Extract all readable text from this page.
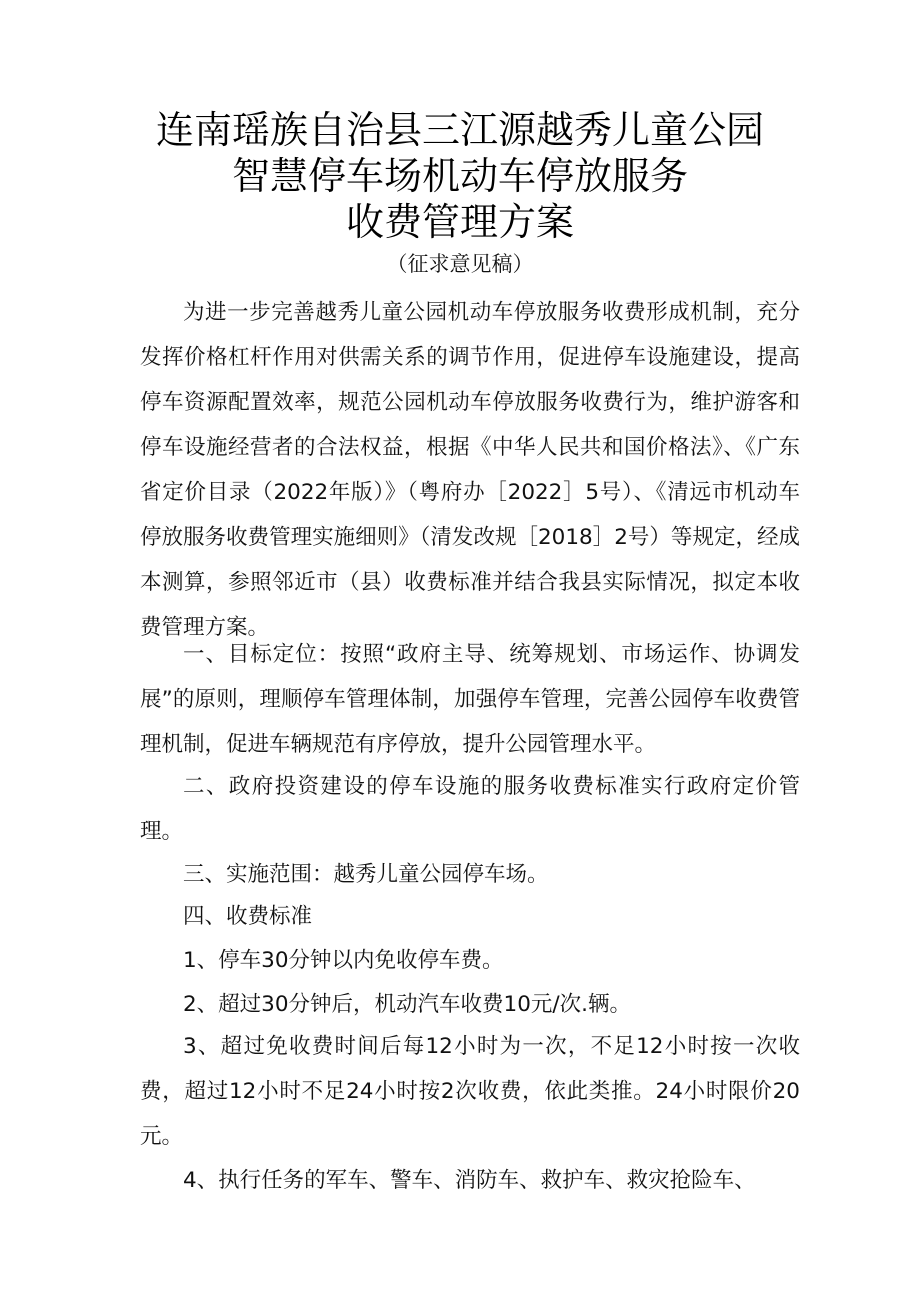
连南瑶族自治县三江源越秀儿童公园
智慧停车场机动车停放服务
收费管理方案
（征求意见稿）

为进一步完善越秀儿童公园机动车停放服务收费形成机制，充分发挥价格杠杆作用对供需关系的调节作用，促进停车设施建设，提高停车资源配置效率，规范公园机动车停放服务收费行为，维护游客和停车设施经营者的合法权益，根据《中华人民共和国价格法》、《广东省定价目录（2022年版）》（粤府办［2022］5号）、《清远市机动车停放服务收费管理实施细则》（清发改规［2018］2号）等规定，经成本测算，参照邻近市（县）收费标准并结合我县实际情况，拟定本收费管理方案。

一、目标定位：按照“政府主导、统筹规划、市场运作、协调发展”的原则，理顺停车管理体制，加强停车管理，完善公园停车收费管理机制，促进车辆规范有序停放，提升公园管理水平。

二、政府投资建设的停车设施的服务收费标准实行政府定价管理。

三、实施范围：越秀儿童公园停车场。

四、收费标准

1、停车30分钟以内免收停车费。

2、超过30分钟后，机动汽车收费10元/次.辆。

3、超过免收费时间后每12小时为一次，不足12小时按一次收费，超过12小时不足24小时按2次收费，依此类推。24小时限价20元。

4、执行任务的军车、警车、消防车、救护车、救灾抢险车、
